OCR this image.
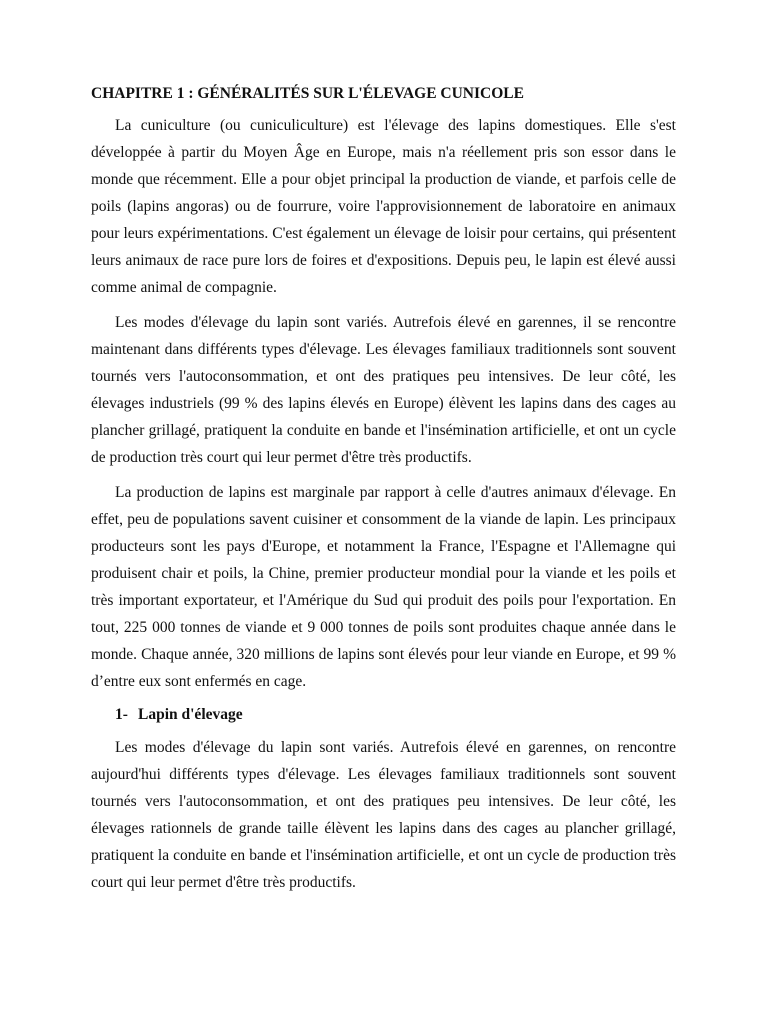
CHAPITRE 1 : GÉNÉRALITÉS SUR L'ÉLEVAGE CUNICOLE

La cuniculture (ou cuniculiculture) est l'élevage des lapins domestiques. Elle s'est développée à partir du Moyen Âge en Europe, mais n'a réellement pris son essor dans le monde que récemment. Elle a pour objet principal la production de viande, et parfois celle de poils (lapins angoras) ou de fourrure, voire l'approvisionnement de laboratoire en animaux pour leurs expérimentations. C'est également un élevage de loisir pour certains, qui présentent leurs animaux de race pure lors de foires et d'expositions. Depuis peu, le lapin est élevé aussi comme animal de compagnie.

Les modes d'élevage du lapin sont variés. Autrefois élevé en garennes, il se rencontre maintenant dans différents types d'élevage. Les élevages familiaux traditionnels sont souvent tournés vers l'autoconsommation, et ont des pratiques peu intensives. De leur côté, les élevages industriels (99 % des lapins élevés en Europe) élèvent les lapins dans des cages au plancher grillagé, pratiquent la conduite en bande et l'insémination artificielle, et ont un cycle de production très court qui leur permet d'être très productifs.

La production de lapins est marginale par rapport à celle d'autres animaux d'élevage. En effet, peu de populations savent cuisiner et consomment de la viande de lapin. Les principaux producteurs sont les pays d'Europe, et notamment la France, l'Espagne et l'Allemagne qui produisent chair et poils, la Chine, premier producteur mondial pour la viande et les poils et très important exportateur, et l'Amérique du Sud qui produit des poils pour l'exportation. En tout, 225 000 tonnes de viande et 9 000 tonnes de poils sont produites chaque année dans le monde. Chaque année, 320 millions de lapins sont élevés pour leur viande en Europe, et 99 % d’entre eux sont enfermés en cage.

1- Lapin d'élevage

Les modes d'élevage du lapin sont variés. Autrefois élevé en garennes, on rencontre aujourd'hui différents types d'élevage. Les élevages familiaux traditionnels sont souvent tournés vers l'autoconsommation, et ont des pratiques peu intensives. De leur côté, les élevages rationnels de grande taille élèvent les lapins dans des cages au plancher grillagé, pratiquent la conduite en bande et l'insémination artificielle, et ont un cycle de production très court qui leur permet d'être très productifs.
